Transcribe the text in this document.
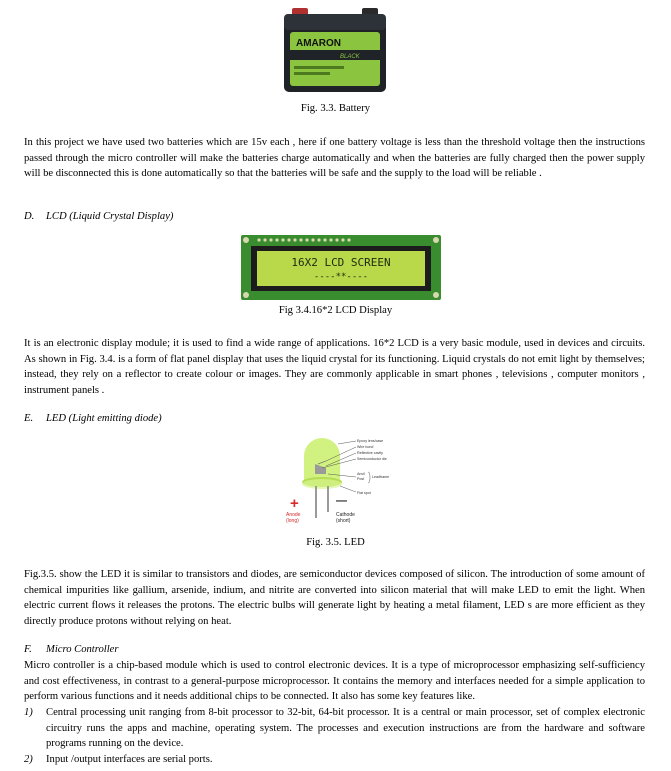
AMARON
BLACK

Fig. 3.3. Battery

In this project we have used two batteries which are 15v each , here if one battery voltage is less than the threshold voltage then the instructions passed through the micro controller will make the batteries charge automatically and when the batteries are fully charged then the power supply will be disconnected this is done automatically so that the batteries will be safe and the supply to the load will be reliable .

D. LCD (Liquid Crystal Display)

16X2 LCD SCREEN
----**----

Fig 3.4.16*2 LCD Display

It is an electronic display module; it is used to find a wide range of applications. 16*2 LCD is a very basic module, used in devices and circuits. As shown in Fig. 3.4. is a form of flat panel display that uses the liquid crystal for its functioning. Liquid crystals do not emit light by themselves; instead, they rely on a reflector to create colour or images. They are commonly applicable in smart phones , televisions , computer monitors , instrument panels .

E. LED (Light emitting diode)

Epoxy lens/case
Wire bond
Reflective cavity
Semiconductor die
Anvil
Post Leadframe
Flat spot
+	—
Anode
(long)
Cathode
(short)

Fig. 3.5. LED

Fig.3.5. show the LED it is similar to transistors and diodes, are semiconductor devices composed of silicon. The introduction of some amount of chemical impurities like gallium, arsenide, indium, and nitrite are converted into silicon material that will make LED to emit the light. When electric current flows it releases the protons. The electric bulbs will generate light by heating a metal filament, LED s are more efficient as they directly produce protons without relying on heat.

F. Micro Controller

Micro controller is a chip-based module which is used to control electronic devices. It is a type of microprocessor emphasizing self-sufficiency and cost effectiveness, in contrast to a general-purpose microprocessor. It contains the memory and interfaces needed for a simple application to perform various functions and it needs additional chips to be connected. It also has some key features like.

1) Central processing unit ranging from 8-bit processor to 32-bit, 64-bit processor. It is a central or main processor, set of complex electronic circuitry runs the apps and machine, operating system. The processes and execution instructions are from the hardware and software programs running on the device.
2) Input /output interfaces are serial ports.
